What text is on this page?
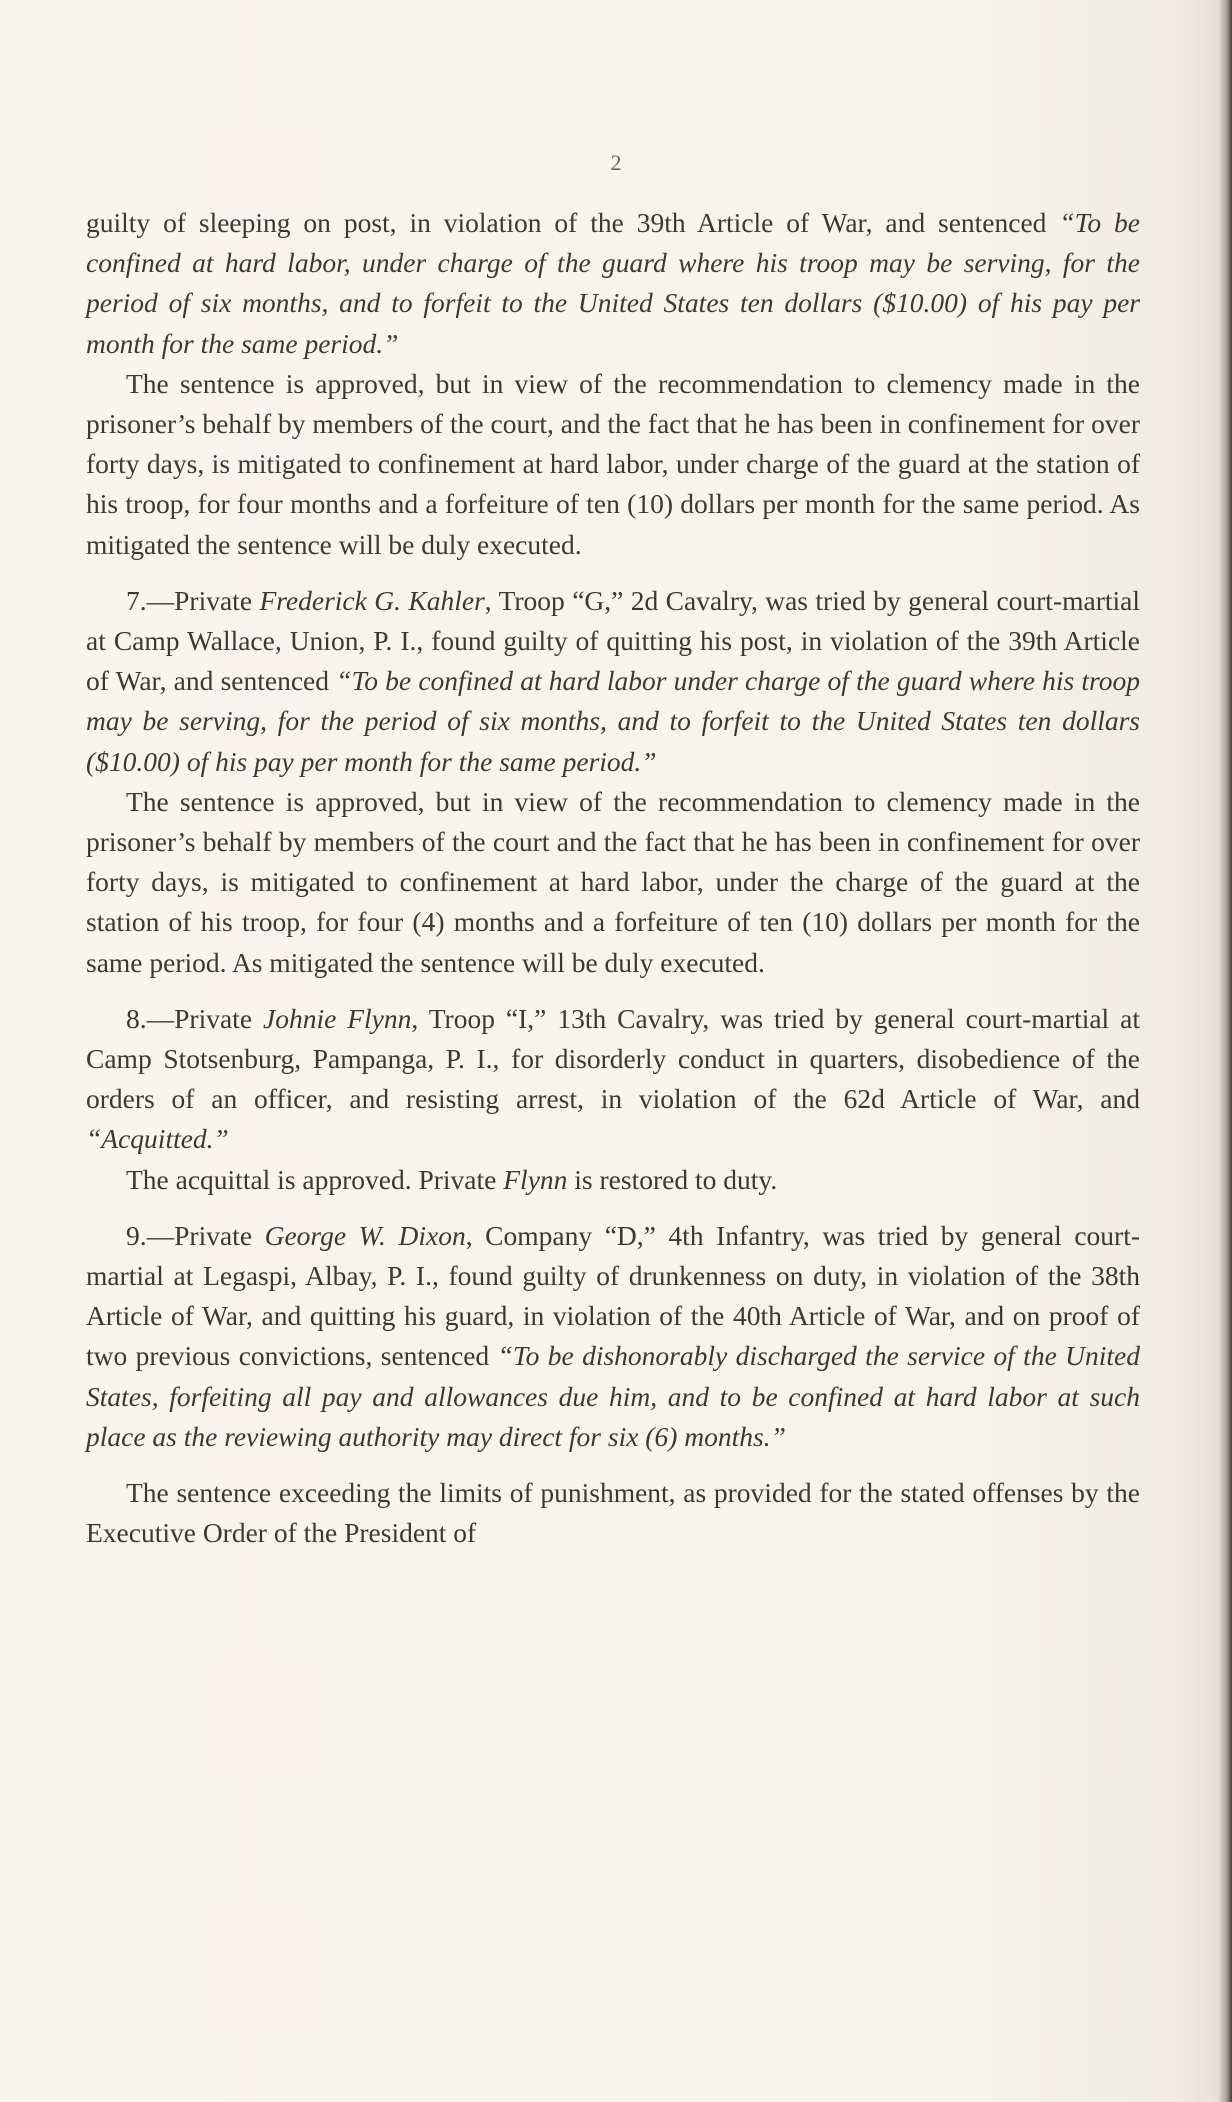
2

guilty of sleeping on post, in violation of the 39th Article of War, and sentenced “To be confined at hard labor, under charge of the guard where his troop may be serving, for the period of six months, and to forfeit to the United States ten dollars ($10.00) of his pay per month for the same period.”

The sentence is approved, but in view of the recommendation to clemency made in the prisoner’s behalf by members of the court, and the fact that he has been in confinement for over forty days, is mitigated to confinement at hard labor, under charge of the guard at the station of his troop, for four months and a forfeiture of ten (10) dollars per month for the same period. As mitigated the sentence will be duly executed.

7.—Private Frederick G. Kahler, Troop “G,” 2d Cavalry, was tried by general court-martial at Camp Wallace, Union, P. I., found guilty of quitting his post, in violation of the 39th Article of War, and sentenced “To be confined at hard labor under charge of the guard where his troop may be serving, for the period of six months, and to forfeit to the United States ten dollars ($10.00) of his pay per month for the same period.”

The sentence is approved, but in view of the recommendation to clemency made in the prisoner’s behalf by members of the court and the fact that he has been in confinement for over forty days, is mitigated to confinement at hard labor, under the charge of the guard at the station of his troop, for four (4) months and a forfeiture of ten (10) dollars per month for the same period. As mitigated the sentence will be duly executed.

8.—Private Johnie Flynn, Troop “I,” 13th Cavalry, was tried by general court-martial at Camp Stotsenburg, Pampanga, P. I., for disorderly conduct in quarters, disobedience of the orders of an officer, and resisting arrest, in violation of the 62d Article of War, and “Acquitted.”

The acquittal is approved. Private Flynn is restored to duty.

9.—Private George W. Dixon, Company “D,” 4th Infantry, was tried by general court-martial at Legaspi, Albay, P. I., found guilty of drunkenness on duty, in violation of the 38th Article of War, and quitting his guard, in violation of the 40th Article of War, and on proof of two previous convictions, sentenced “To be dishonorably discharged the service of the United States, forfeiting all pay and allowances due him, and to be confined at hard labor at such place as the reviewing authority may direct for six (6) months.”

The sentence exceeding the limits of punishment, as provided for the stated offenses by the Executive Order of the President of
